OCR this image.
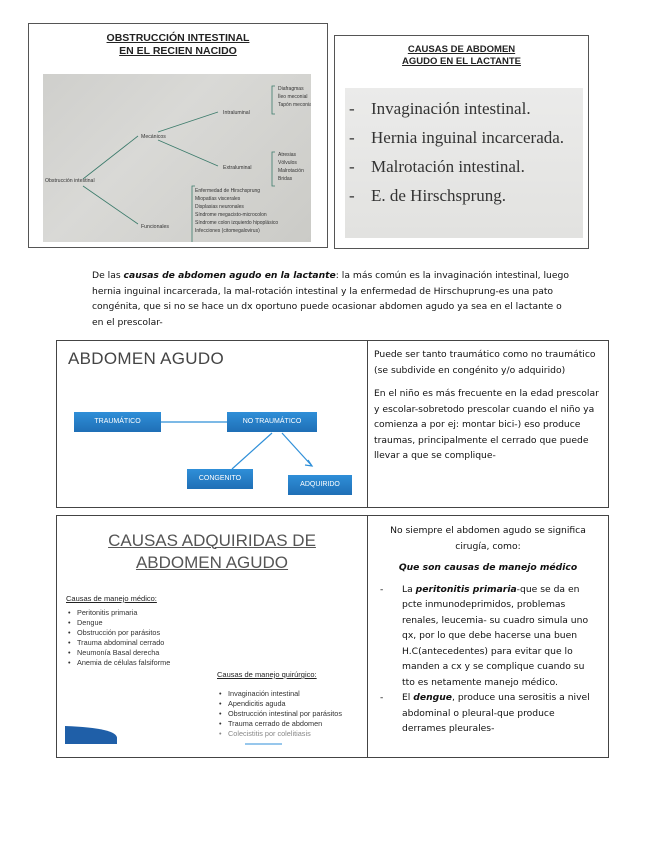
OBSTRUCCIÓN INTESTINAL
EN EL RECIEN NACIDO
Obstrucción intestinal
Mecánicos
Funcionales
Intraluminal
Extraluminal
Diafragmas
Íleo meconial
Tapón meconial
Atresias
Vólvulos
Malrotación
Bridas
Enfermedad de Hirschsprung
Miopatías viscerales
Displasias neuronales
Síndrome megacisto-microcolon
Síndrome colon izquierdo hipoplásico
Infecciones (citomegalovirus)
CAUSAS DE ABDOMEN
AGUDO EN EL LACTANTE
- Invaginación intestinal.
- Hernia inguinal incarcerada.
- Malrotación intestinal.
- E. de Hirschsprung.
De las causas de abdomen agudo en la lactante: la más común es la invaginación intestinal, luego hernia inguinal incarcerada, la mal-rotación intestinal y la enfermedad de Hirschuprung-es una pato congénita, que si no se hace un dx oportuno puede ocasionar abdomen agudo ya sea en el lactante o en el prescolar-
ABDOMEN AGUDO
TRAUMÁTICO	NO TRAUMÁTICO
CONGENITO
ADQUIRIDO

Puede ser tanto traumático como no traumático (se subdivide en congénito y/o adquirido)

En el niño es más frecuente en la edad prescolar y escolar-sobretodo prescolar cuando el niño ya comienza a por ej: montar bici-) eso produce traumas, principalmente el cerrado que puede llevar a que se complique-

CAUSAS ADQUIRIDAS DE
ABDOMEN AGUDO
Causas de manejo médico:
• Peritonitis primaria
• Dengue
• Obstrucción por parásitos
• Trauma abdominal cerrado
• Neumonía Basal derecha
• Anemia de células falsiforme
Causas de manejo quirúrgico:
• Invaginación intestinal
• Apendicitis aguda
• Obstrucción intestinal por parásitos
• Trauma cerrado de abdomen
• Colecistitis por colelitiasis
No siempre el abdomen agudo se significa cirugía, como:
Que son causas de manejo médico
- La peritonitis primaria-que se da en pcte inmunodeprimidos, problemas renales, leucemia- su cuadro simula uno qx, por lo que debe hacerse una buen H.C(antecedentes) para evitar que lo manden a cx y se complique cuando su tto es netamente manejo médico.
- El dengue, produce una serositis a nivel abdominal o pleural-que produce derrames pleurales-
